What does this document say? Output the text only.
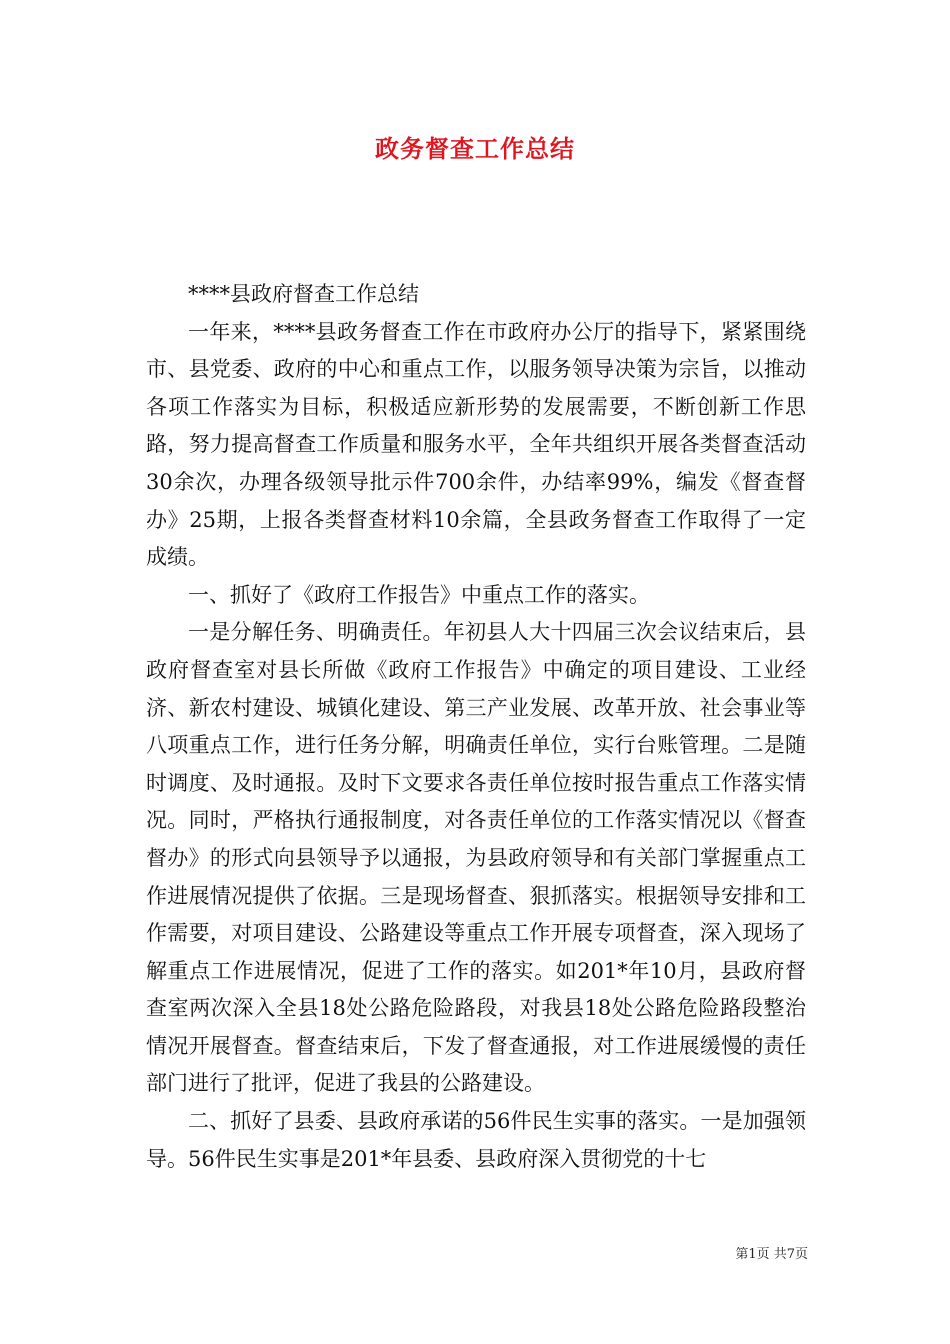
政务督查工作总结

****县政府督查工作总结

一年来，****县政务督查工作在市政府办公厅的指导下，紧紧围绕市、县党委、政府的中心和重点工作，以服务领导决策为宗旨，以推动各项工作落实为目标，积极适应新形势的发展需要，不断创新工作思路，努力提高督查工作质量和服务水平，全年共组织开展各类督查活动30余次，办理各级领导批示件700余件，办结率99%，编发《督查督办》25期，上报各类督查材料10余篇，全县政务督查工作取得了一定成绩。

一、抓好了《政府工作报告》中重点工作的落实。

一是分解任务、明确责任。年初县人大十四届三次会议结束后，县政府督查室对县长所做《政府工作报告》中确定的项目建设、工业经济、新农村建设、城镇化建设、第三产业发展、改革开放、社会事业等八项重点工作，进行任务分解，明确责任单位，实行台账管理。二是随时调度、及时通报。及时下文要求各责任单位按时报告重点工作落实情况。同时，严格执行通报制度，对各责任单位的工作落实情况以《督查督办》的形式向县领导予以通报，为县政府领导和有关部门掌握重点工作进展情况提供了依据。三是现场督查、狠抓落实。根据领导安排和工作需要，对项目建设、公路建设等重点工作开展专项督查，深入现场了解重点工作进展情况，促进了工作的落实。如201*年10月，县政府督查室两次深入全县18处公路危险路段，对我县18处公路危险路段整治情况开展督查。督查结束后，下发了督查通报，对工作进展缓慢的责任部门进行了批评，促进了我县的公路建设。

二、抓好了县委、县政府承诺的56件民生实事的落实。一是加强领导。56件民生实事是201*年县委、县政府深入贯彻党的十七

第1页 共7页
